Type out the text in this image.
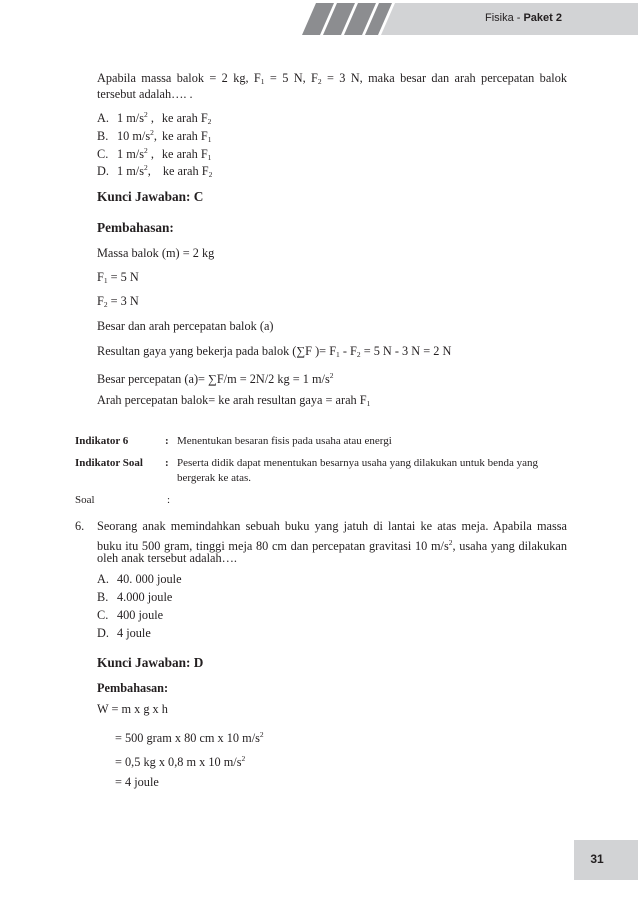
Fisika - Paket 2
Apabila massa balok = 2 kg, $F_1 = 5$ N, $F_2 = 3$ N, maka besar dan arah percepatan balok
tersebut adalah…. .
A. 1 $m/s^2$ , ke arah $F_2$
B. 10 $m/s^2$, ke arah $F_1$
C. 1 $m/s^2$ , ke arah $F_1$
D. 1 $m/s^2$, ke arah $F_2$
Kunci Jawaban: C
Pembahasan:
Massa balok (m) = 2 kg
$F_1 = 5$ N
$F_2 = 3$ N
Besar dan arah percepatan balok (a)
Resultan gaya yang bekerja pada balok (∑F )= $F_1 - F_2 = 5$ N - 3 N = 2 N
Besar percepatan (a)= ∑F/m = 2N/2 kg = 1 $m/s^2$
Arah percepatan balok= ke arah resultan gaya = arah $F_1$
Indikator 6	: Menentukan besaran fisis pada usaha atau energi
Indikator Soal : Peserta didik dapat menentukan besarnya usaha yang dilakukan untuk benda yang
bergerak ke atas.
Soal	:
6. Seorang anak memindahkan sebuah buku yang jatuh di lantai ke atas meja. Apabila massa
buku itu 500 gram, tinggi meja 80 cm dan percepatan gravitasi 10 $m/s^2$, usaha yang dilakukan
oleh anak tersebut adalah….
A. 40. 000 joule
B. 4.000 joule
C. 400 joule
D. 4 joule
Kunci Jawaban: D
Pembahasan:
W = m x g x h
= 500 gram x 80 cm x 10 $m/s^2$
= 0,5 kg x 0,8 m x 10 $m/s^2$
= 4 joule
31
